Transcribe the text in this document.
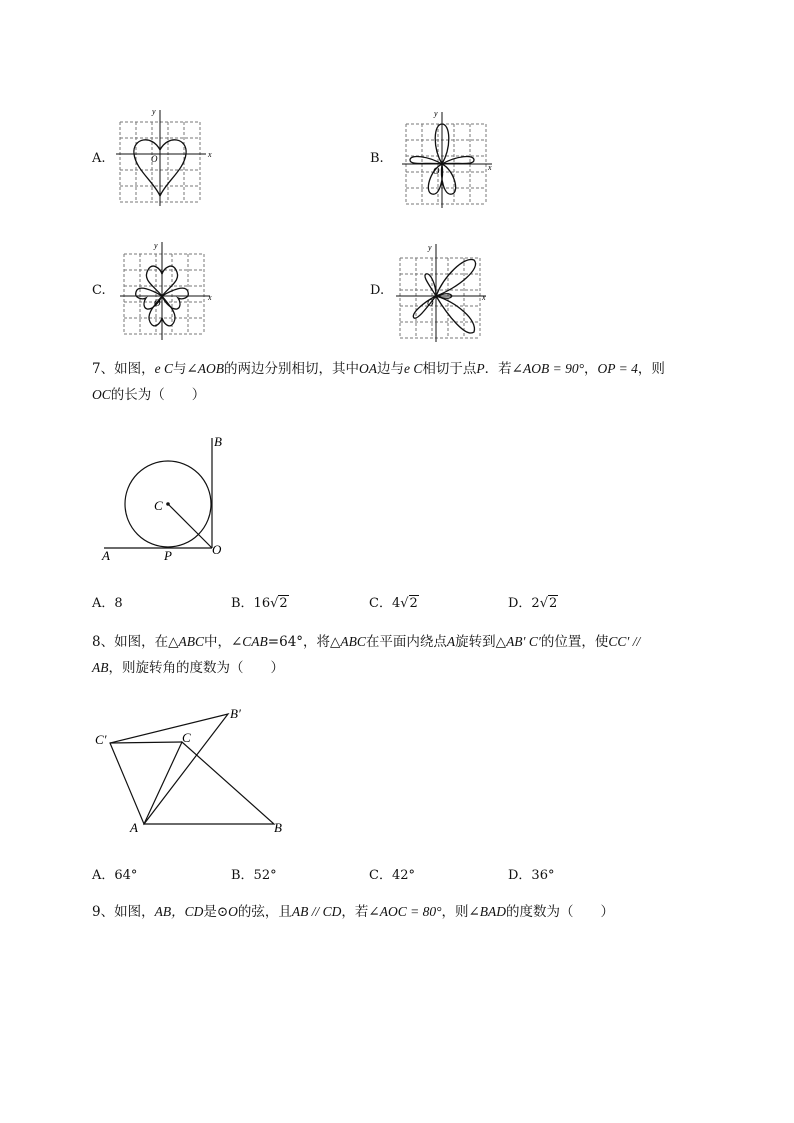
A.	B.
C.	D.
x
y
O
x
y
O
x
y
O
x
y
O
7、如图，e C与∠AOB的两边分别相切，其中OA边与e C相切于点P．若∠AOB = 90°，OP = 4，则
OC的长为（　　）
B
C
A	P	O
A．8	B．16√2	C．4√2	D．2√2
8、如图，在△ABC中，∠CAB=64°，将△ABC在平面内绕点A旋转到△AB′ C′的位置，使CC′ //
AB，则旋转角的度数为（　　）
B′
C′	C
A	B
A．64°	B．52°	C．42°	D．36°
9、如图，AB，CD是⊙O的弦，且AB // CD，若∠AOC = 80°，则∠BAD的度数为（　　）
